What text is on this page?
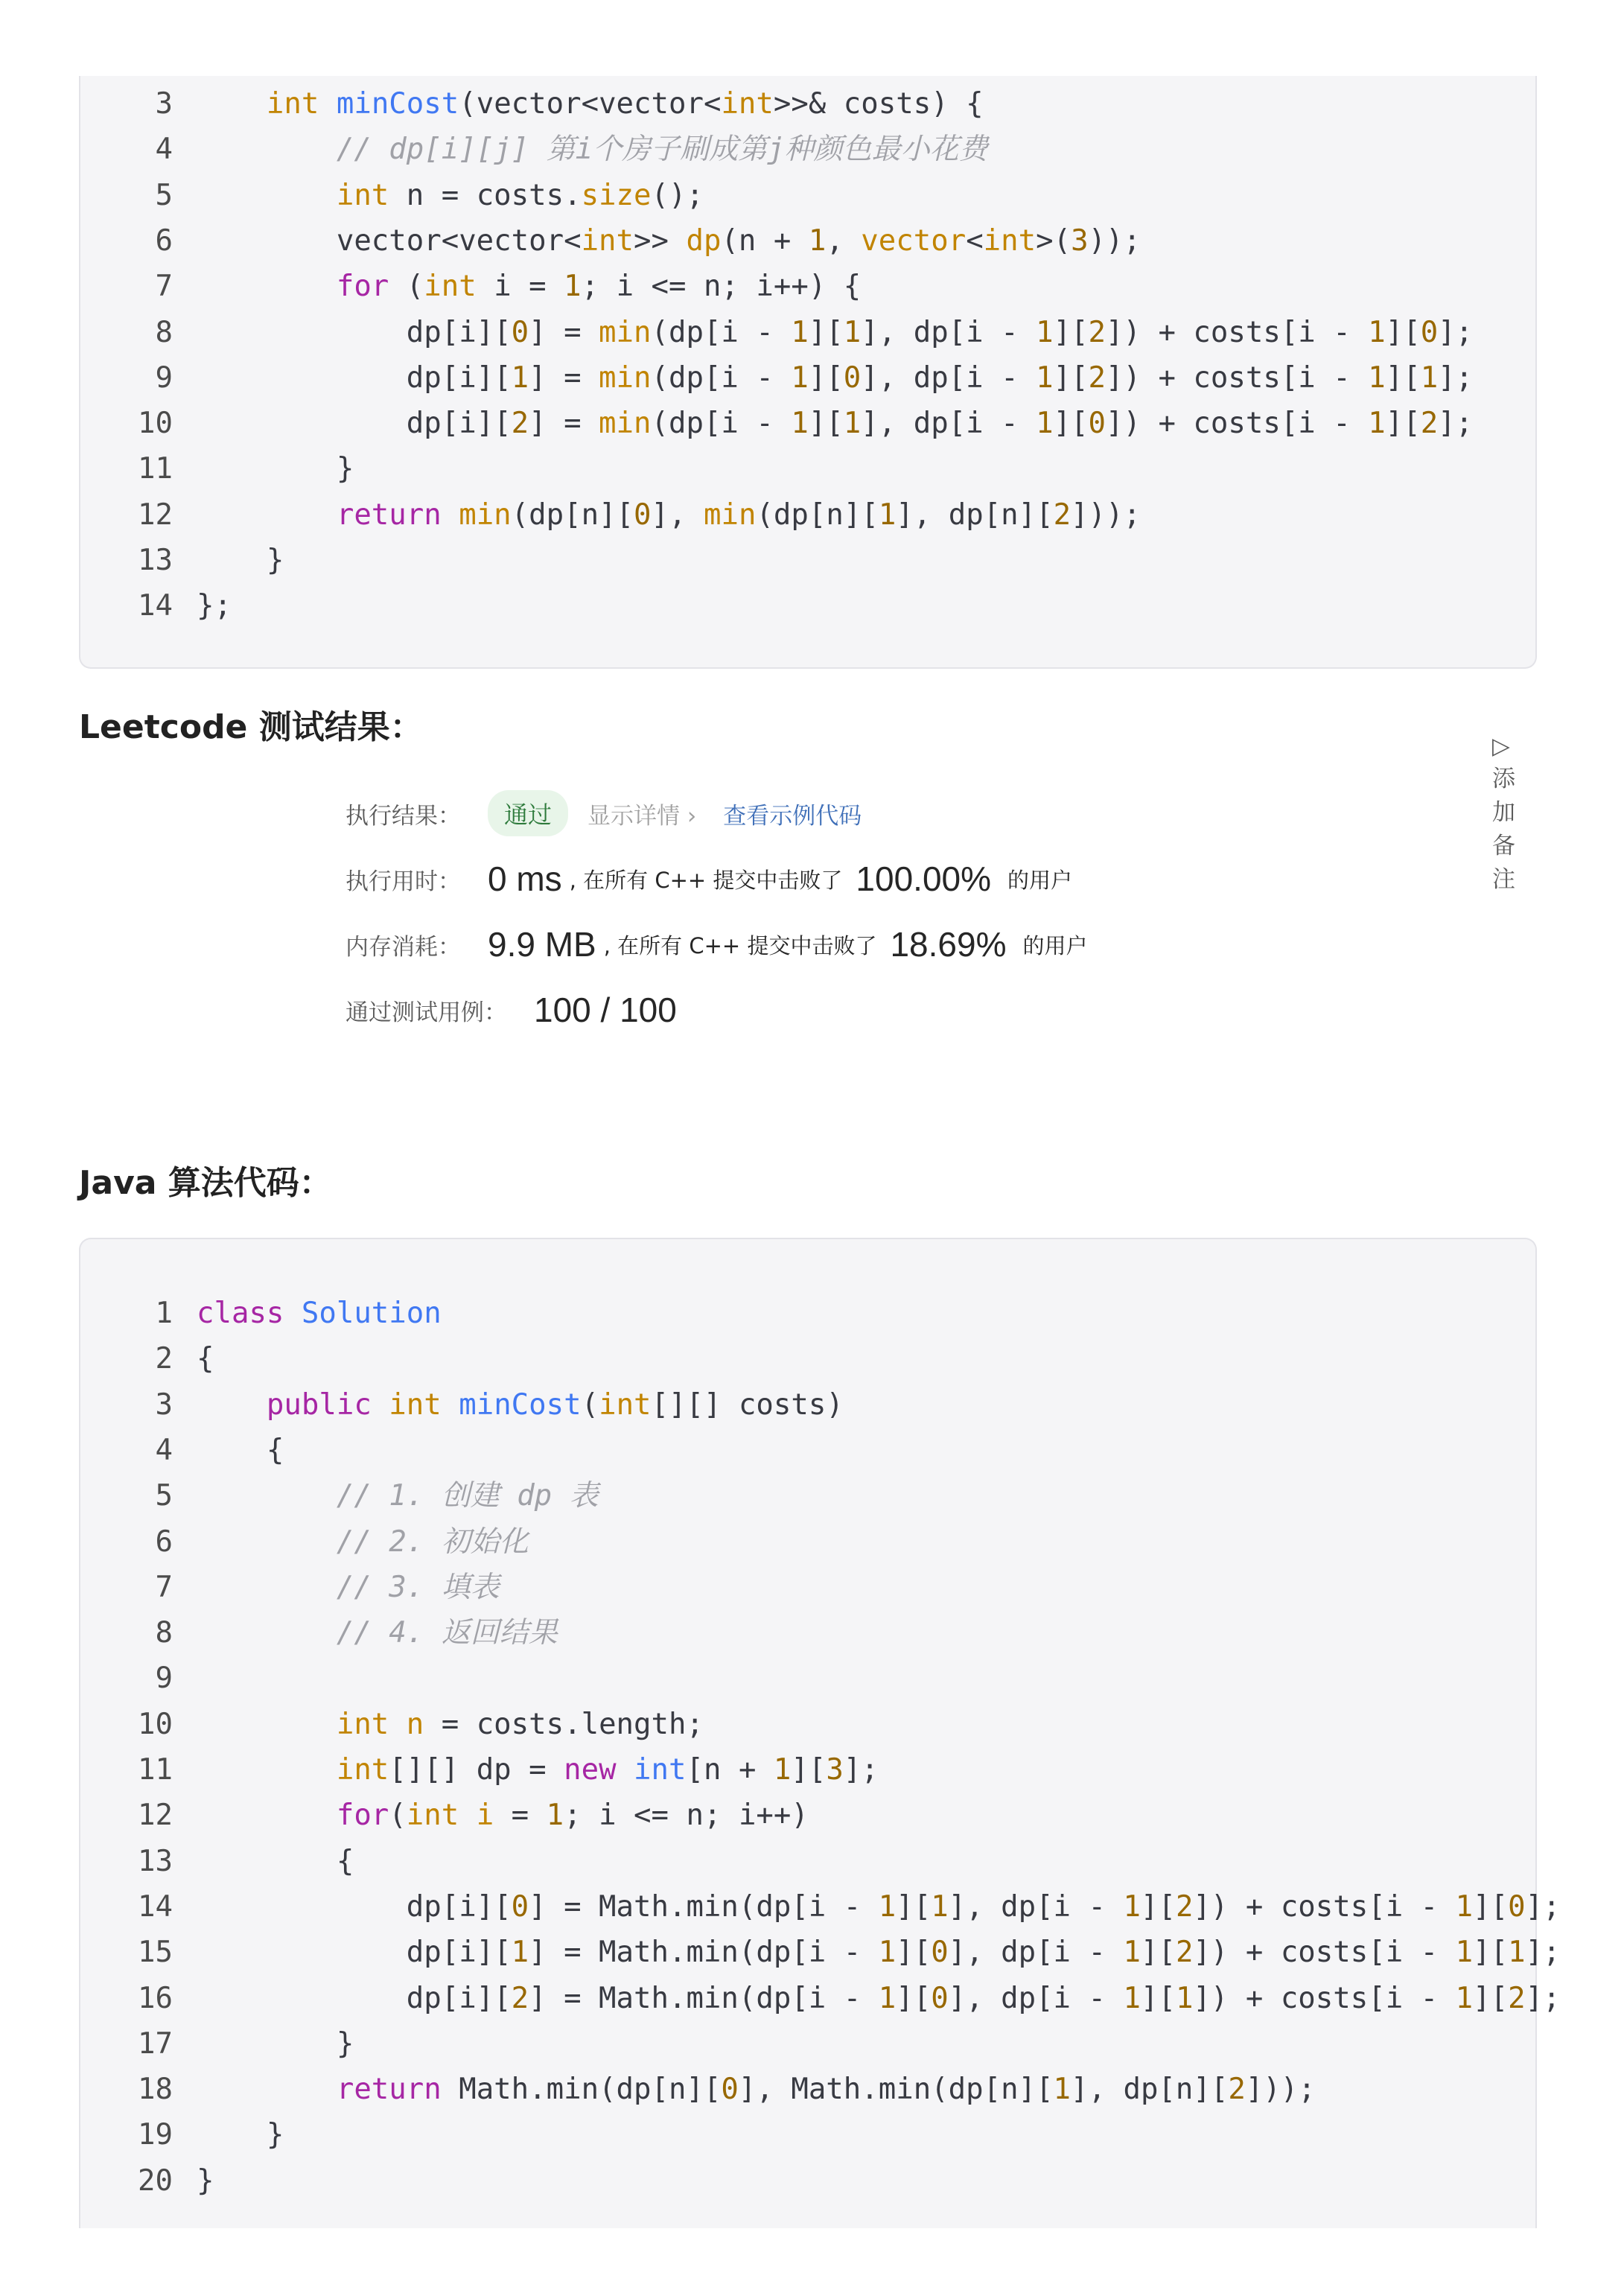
3	int minCost(vector<vector<int>>& costs) {
4	// dp[i][j] 第i个房子刷成第j种颜色最小花费
5	int n = costs.size();
6        vector<vector<int>> dp(n + 1, vector<int>(3));
7	for (int i = 1; i <= n; i++) {
8            dp[i][0] = min(dp[i - 1][1], dp[i - 1][2]) + costs[i - 1][0];
9            dp[i][1] = min(dp[i - 1][0], dp[i - 1][2]) + costs[i - 1][1];
10            dp[i][2] = min(dp[i - 1][1], dp[i - 1][0]) + costs[i - 1][2];
11        }
12	return min(dp[n][0], min(dp[n][1], dp[n][2]));
13    }
14 };
Leetcode 测试结果：
执行结果：	通过	显示详情 › 查看示例代码
▷ 添加备注
执行用时： 0 ms , 在所有 C++ 提交中击败了 100.00% 的用户
内存消耗： 9.9 MB , 在所有 C++ 提交中击败了 18.69% 的用户
通过测试用例： 100 / 100
Java 算法代码：
1 class Solution
2 {
3	public int minCost(int[][] costs)
4    {
5	// 1. 创建 dp 表
6	// 2. 初始化
7	// 3. 填表
8	// 4. 返回结果
9
10	int n = costs.length;
11	int[][] dp = new int[n + 1][3];
12	for(int i = 1; i <= n; i++)
13        {
14            dp[i][0] = Math.min(dp[i - 1][1], dp[i - 1][2]) + costs[i - 1][0];
15            dp[i][1] = Math.min(dp[i - 1][0], dp[i - 1][2]) + costs[i - 1][1];
16            dp[i][2] = Math.min(dp[i - 1][0], dp[i - 1][1]) + costs[i - 1][2];
17        }
18	return Math.min(dp[n][0], Math.min(dp[n][1], dp[n][2]));
19    }
20 }
